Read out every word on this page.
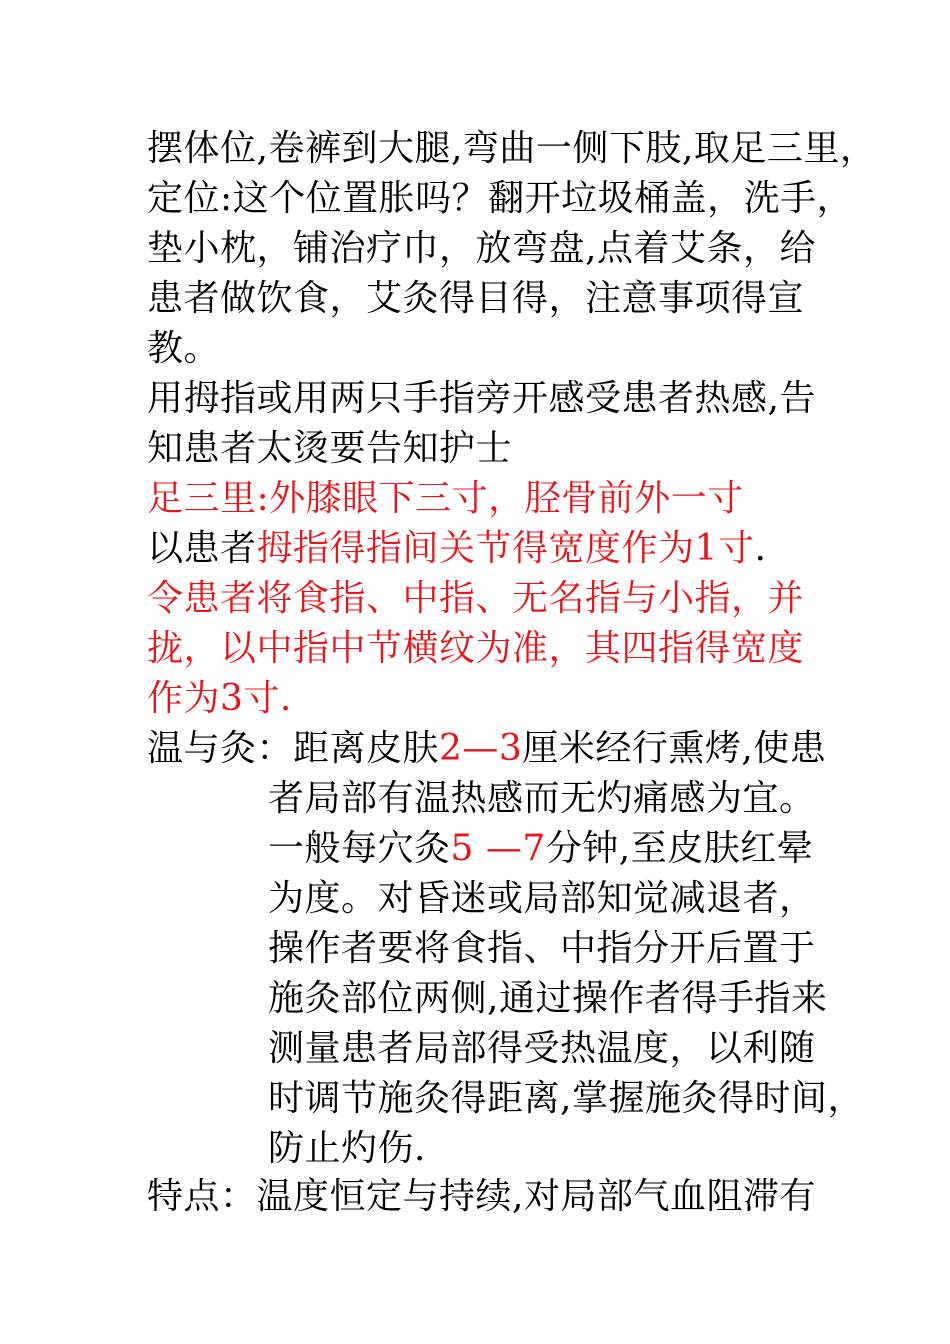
摆体位,卷裤到大腿,弯曲一侧下肢,取足三里，
定位:这个位置胀吗？翻开垃圾桶盖，洗手，
垫小枕，铺治疗巾，放弯盘,点着艾条，给
患者做饮食，艾灸得目得，注意事项得宣
教。
用拇指或用两只手指旁开感受患者热感,告
知患者太烫要告知护士
足三里:外膝眼下三寸，胫骨前外一寸
以患者拇指得指间关节得宽度作为1寸.
令患者将食指、中指、无名指与小指，并
拢，以中指中节横纹为准，其四指得宽度
作为3寸.
温与灸：距离皮肤2—3厘米经行熏烤,使患
者局部有温热感而无灼痛感为宜。
一般每穴灸5 —7分钟,至皮肤红晕
为度。对昏迷或局部知觉减退者，
操作者要将食指、中指分开后置于
施灸部位两侧,通过操作者得手指来
测量患者局部得受热温度，以利随
时调节施灸得距离,掌握施灸得时间，
防止灼伤.
特点：温度恒定与持续,对局部气血阻滞有
